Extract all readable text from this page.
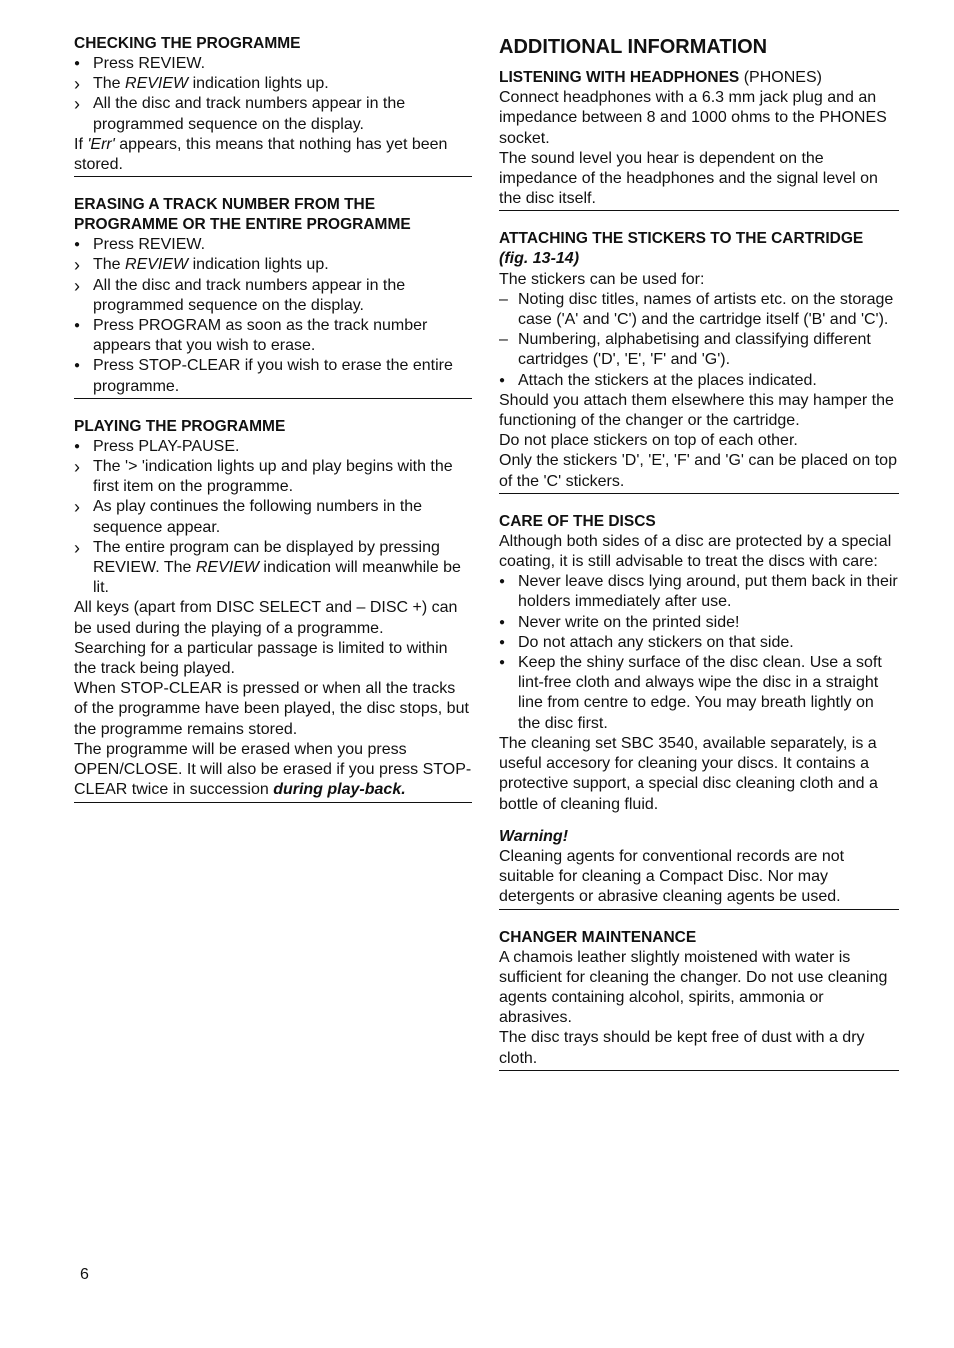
CHECKING THE PROGRAMME

●
Press REVIEW.
›
The REVIEW indication lights up.
›
All the disc and track numbers appear in the programmed sequence on the display.

If 'Err' appears, this means that nothing has yet been stored.

ERASING A TRACK NUMBER FROM THE PROGRAMME OR THE ENTIRE PROGRAMME

●
Press REVIEW.
›
The REVIEW indication lights up.
›
All the disc and track numbers appear in the programmed sequence on the display.
●
Press PROGRAM as soon as the track number appears that you wish to erase.
●
Press STOP-CLEAR if you wish to erase the entire programme.

PLAYING THE PROGRAMME

●
Press PLAY-PAUSE.
›
The '> 'indication lights up and play begins with the first item on the programme.
›
As play continues the following numbers in the sequence appear.
›
The entire program can be displayed by pressing REVIEW. The REVIEW indication will meanwhile be lit.

All keys (apart from DISC SELECT and – DISC +) can be used during the playing of a programme.

Searching for a particular passage is limited to within the track being played.

When STOP-CLEAR is pressed or when all the tracks of the programme have been played, the disc stops, but the programme remains stored.

The programme will be erased when you press OPEN/CLOSE. It will also be erased if you press STOP-CLEAR twice in succession during play-back.

ADDITIONAL INFORMATION

LISTENING WITH HEADPHONES (PHONES)

Connect headphones with a 6.3 mm jack plug and an impedance between 8 and 1000 ohms to the PHONES socket.

The sound level you hear is dependent on the impedance of the headphones and the signal level on the disc itself.

ATTACHING THE STICKERS TO THE CARTRIDGE

(fig. 13-14)

The stickers can be used for:

–
Noting disc titles, names of artists etc. on the storage case ('A' and 'C') and the cartridge itself ('B' and 'C').
–
Numbering, alphabetising and classifying different cartridges ('D', 'E', 'F' and 'G').
●
Attach the stickers at the places indicated.

Should you attach them elsewhere this may hamper the functioning of the changer or the cartridge.

Do not place stickers on top of each other.

Only the stickers 'D', 'E', 'F' and 'G' can be placed on top of the 'C' stickers.

CARE OF THE DISCS

Although both sides of a disc are protected by a special coating, it is still advisable to treat the discs with care:

●
Never leave discs lying around, put them back in their holders immediately after use.
●
Never write on the printed side!
●
Do not attach any stickers on that side.
●
Keep the shiny surface of the disc clean. Use a soft lint-free cloth and always wipe the disc in a straight line from centre to edge. You may breath lightly on the disc first.

The cleaning set SBC 3540, available separately, is a useful accesory for cleaning your discs. It contains a protective support, a special disc cleaning cloth and a bottle of cleaning fluid.

Warning!

Cleaning agents for conventional records are not suitable for cleaning a Compact Disc. Nor may detergents or abrasive cleaning agents be used.

CHANGER MAINTENANCE

A chamois leather slightly moistened with water is sufficient for cleaning the changer. Do not use cleaning agents containing alcohol, spirits, ammonia or abrasives.

The disc trays should be kept free of dust with a dry cloth.

6
